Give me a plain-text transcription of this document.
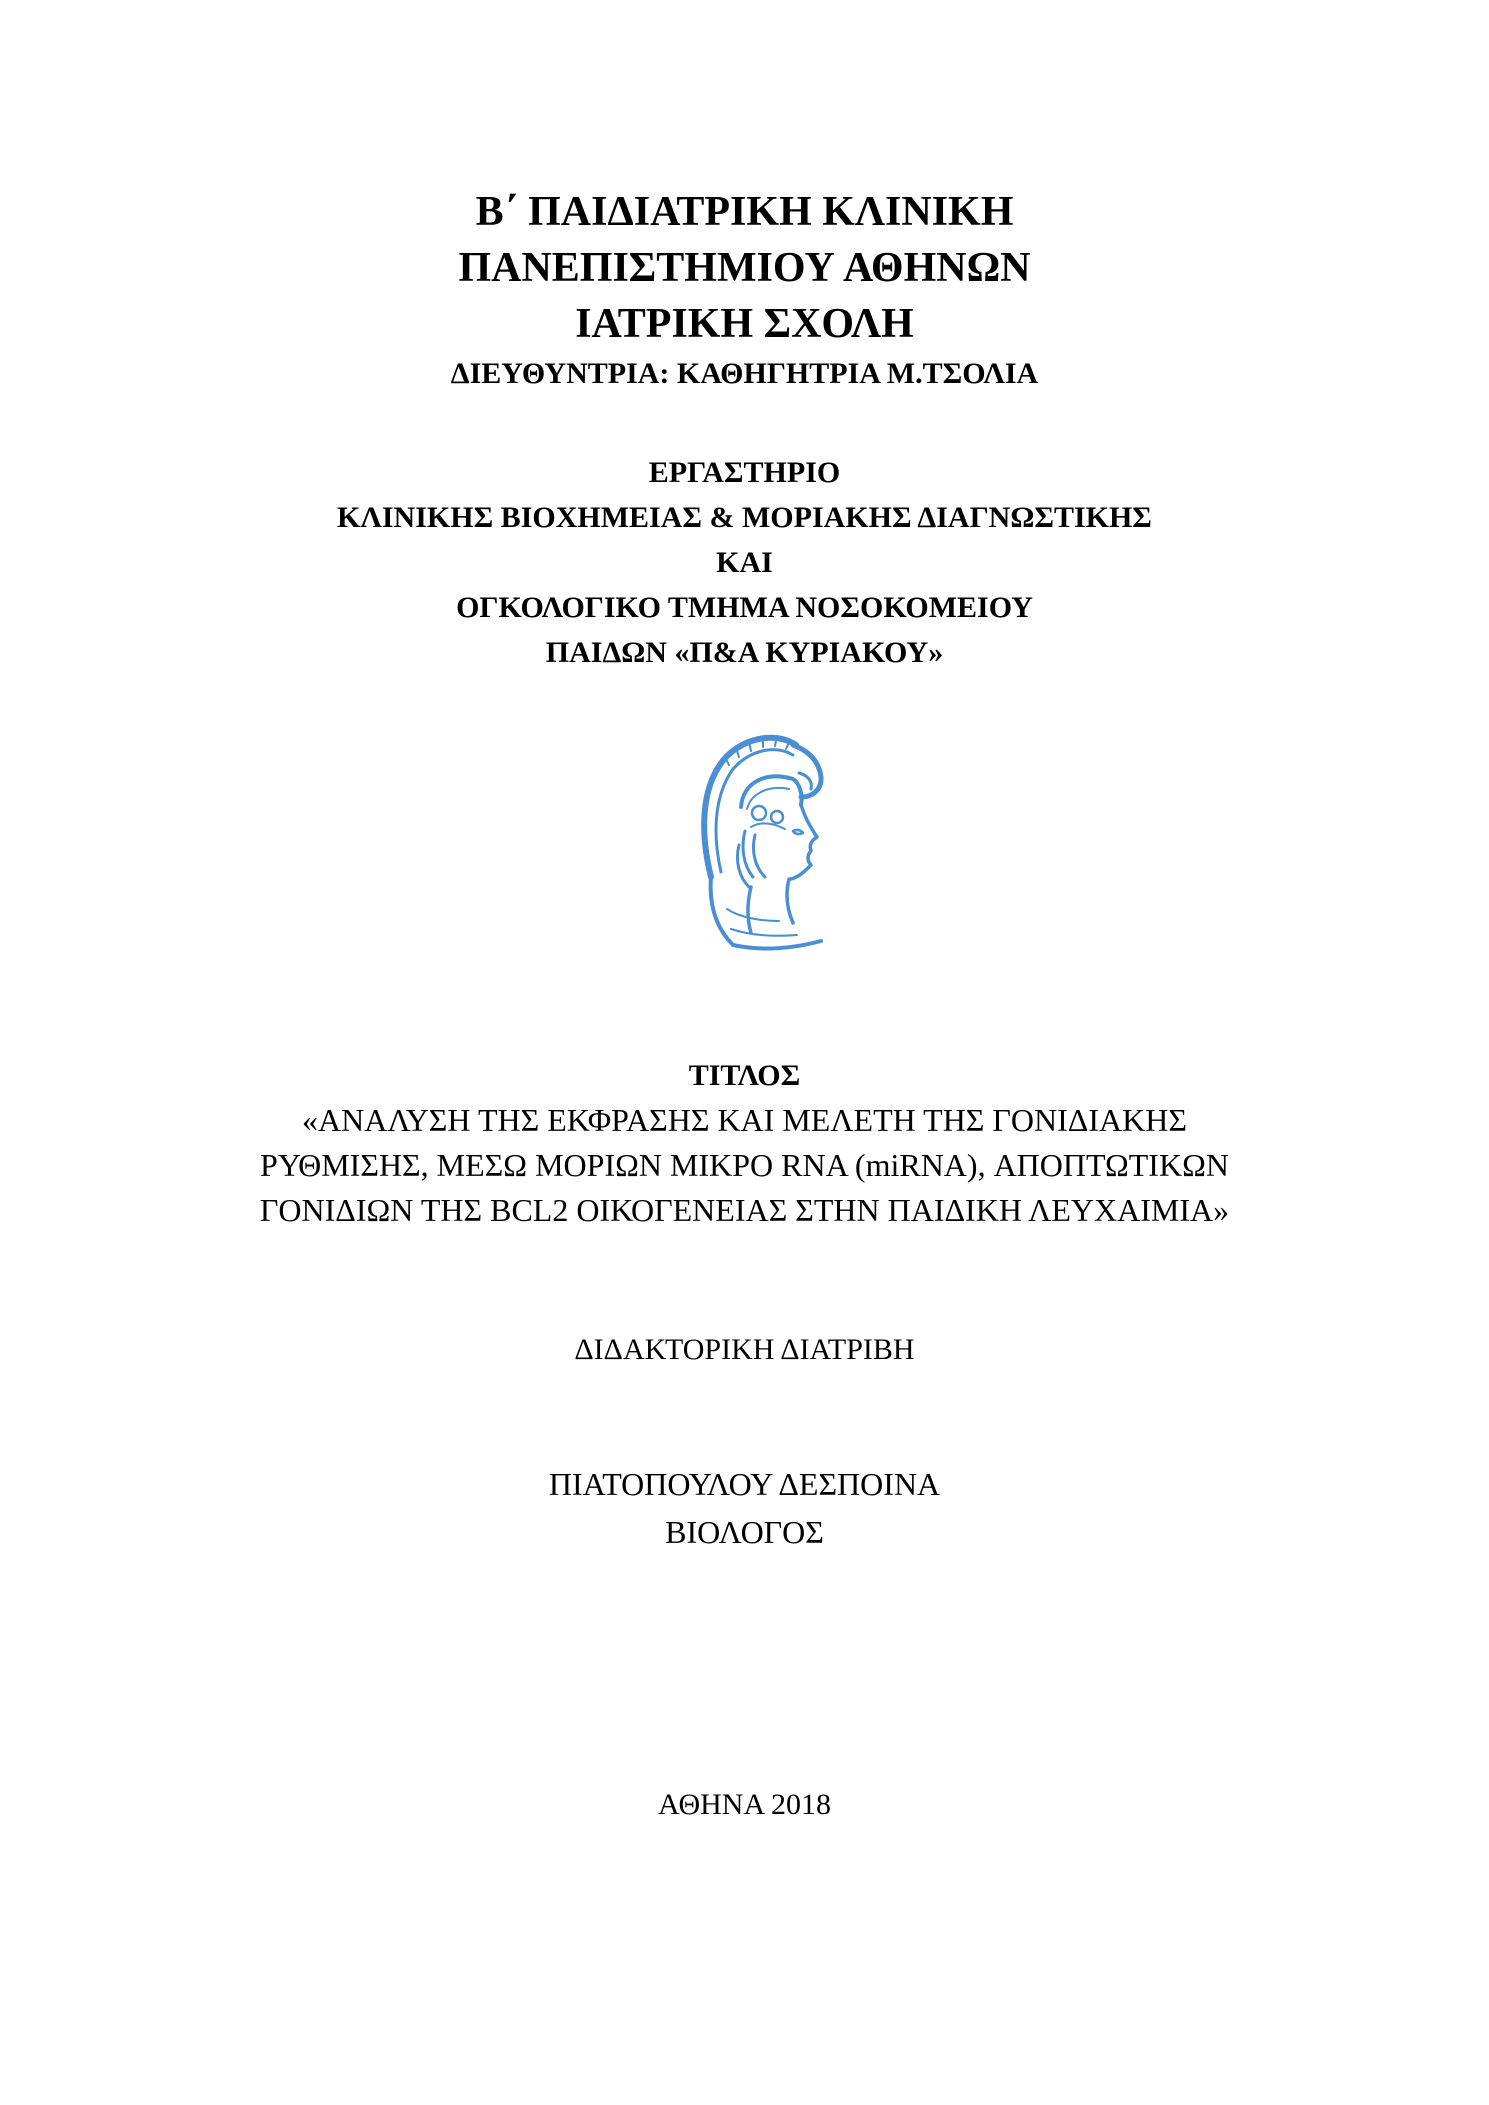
Β΄ ΠΑΙΔΙΑΤΡΙΚΗ ΚΛΙΝΙΚΗ
ΠΑΝΕΠΙΣΤΗΜΙΟΥ ΑΘΗΝΩΝ
ΙΑΤΡΙΚΗ ΣΧΟΛΗ
ΔΙΕΥΘΥΝΤΡΙΑ: ΚΑΘΗΓΗΤΡΙΑ Μ.ΤΣΟΛΙΑ
ΕΡΓΑΣΤΗΡΙΟ
ΚΛΙΝΙΚΗΣ ΒΙΟΧΗΜΕΙΑΣ & ΜΟΡΙΑΚΗΣ ΔΙΑΓΝΩΣΤΙΚΗΣ
ΚΑΙ
ΟΓΚΟΛΟΓΙΚΟ ΤΜΗΜΑ ΝΟΣΟΚΟΜΕΙΟΥ
ΠΑΙΔΩΝ «Π&Α ΚΥΡΙΑΚΟΥ»
ΤΙΤΛΟΣ
«ΑΝΑΛΥΣΗ ΤΗΣ ΕΚΦΡΑΣΗΣ ΚΑΙ ΜΕΛΕΤΗ ΤΗΣ ΓΟΝΙΔΙΑΚΗΣ
ΡΥΘΜΙΣΗΣ, ΜΕΣΩ ΜΟΡΙΩΝ ΜΙΚΡΟ RNA (miRNA), ΑΠΟΠΤΩΤΙΚΩΝ
ΓΟΝΙΔΙΩΝ ΤΗΣ BCL2 ΟΙΚΟΓΕΝΕΙΑΣ ΣΤΗΝ ΠΑΙΔΙΚΗ ΛΕΥΧΑΙΜΙΑ»

ΔΙΔΑΚΤΟΡΙΚΗ ΔΙΑΤΡΙΒΗ

ΠΙΑΤΟΠΟΥΛΟΥ ΔΕΣΠΟΙΝΑ
ΒΙΟΛΟΓΟΣ

ΑΘΗΝΑ 2018
